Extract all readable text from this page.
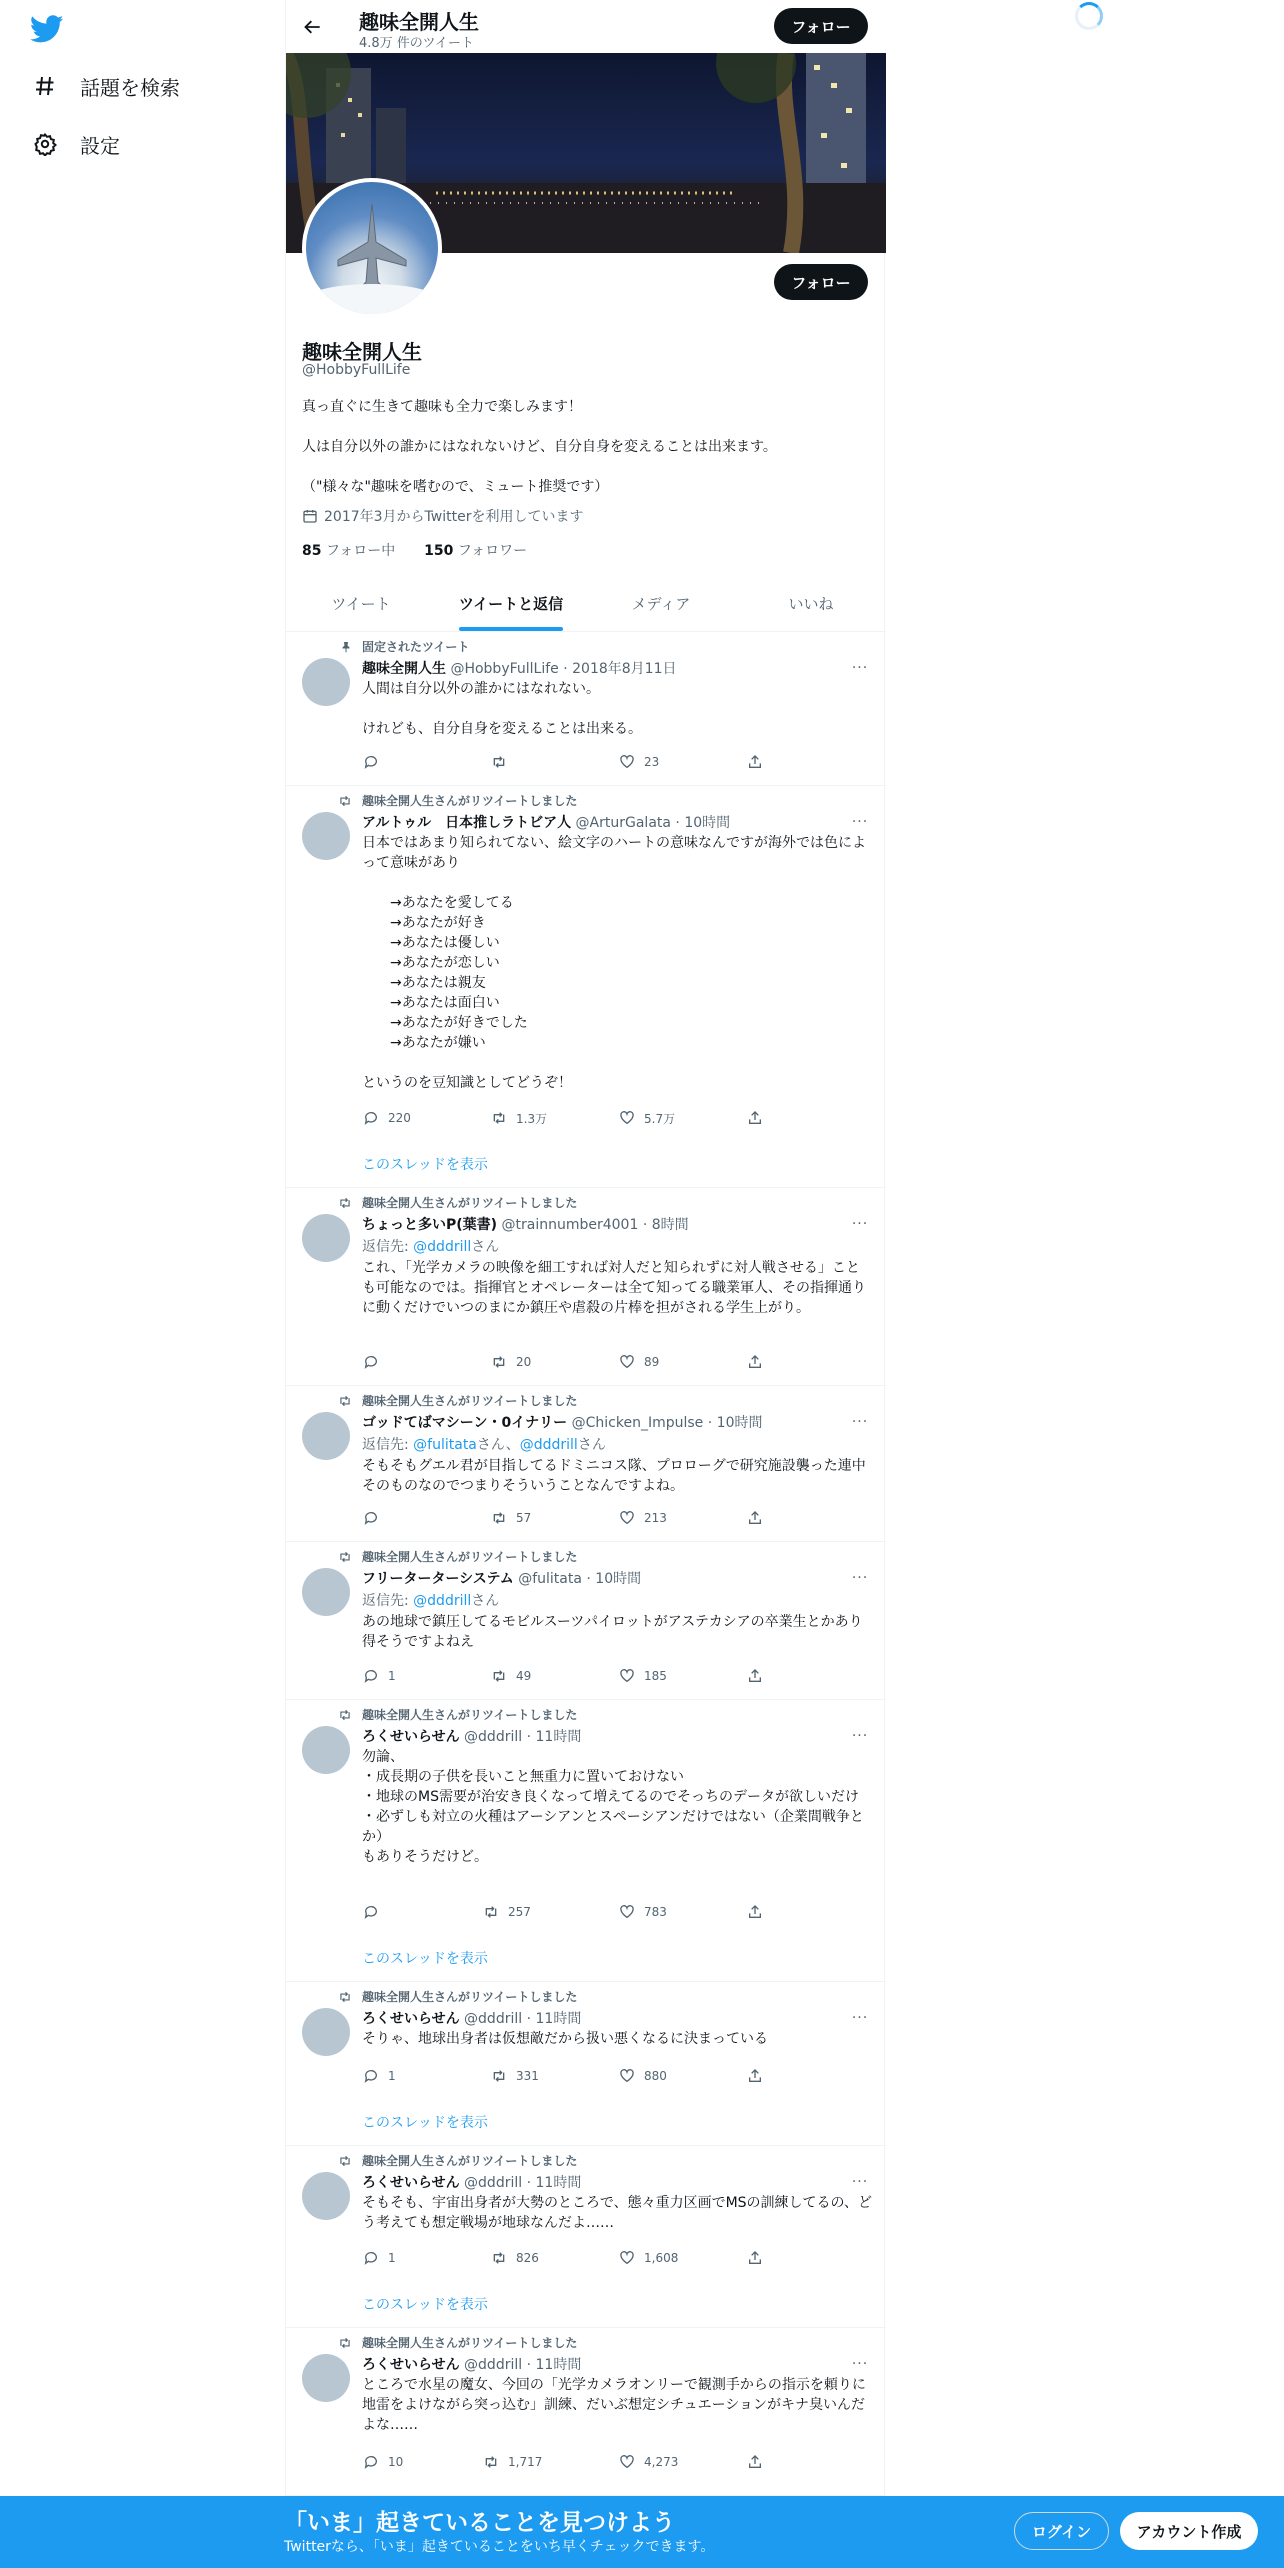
話題を検索
設定
趣味全開人生
4.8万 件のツイート
フォロー
フォロー
趣味全開人生
@HobbyFullLife
真っ直ぐに生きて趣味も全力で楽しみます！
人は自分以外の誰かにはなれないけど、自分自身を変えることは出来ます。
（"様々な"趣味を嗜むので、ミュート推奨です）
2017年3月からTwitterを利用しています
85 フォロー中 150 フォロワー
ツイート	ツイートと返信	メディア	いいね
固定されたツイート
趣味全開人生 @HobbyFullLife · 2018年8月11日	···
人間は自分以外の誰かにはなれない。

けれども、自分自身を変えることは出来る。
23
趣味全開人生さんがリツイートしました
アルトゥル　日本推しラトビア人 @ArturGalata · 10時間	···
日本ではあまり知られてない、絵文字のハートの意味なんですが海外では色によって意味があり

　　→あなたを愛してる
　　→あなたが好き
　　→あなたは優しい
　　→あなたが恋しい
　　→あなたは親友
　　→あなたは面白い
　　→あなたが好きでした
　　→あなたが嫌い

というのを豆知識としてどうぞ！
220	1.3万	5.7万
このスレッドを表示
趣味全開人生さんがリツイートしました
ちょっと多いP(葉書) @trainnumber4001 · 8時間	···
返信先: @dddrillさん
これ、「光学カメラの映像を細工すれば対人だと知られずに対人戦させる」ことも可能なのでは。指揮官とオペレーターは全て知ってる職業軍人、その指揮通りに動くだけでいつのまにか鎮圧や虐殺の片棒を担がされる学生上がり。
20	89
趣味全開人生さんがリツイートしました
ゴッドてばマシーン・0イナリー @Chicken_Impulse · 10時間	···
返信先: @fulitataさん、@dddrillさん
そもそもグエル君が目指してるドミニコス隊、プロローグで研究施設襲った連中そのものなのでつまりそういうことなんですよね。
57	213
趣味全開人生さんがリツイートしました
フリーターターシステム @fulitata · 10時間	···
返信先: @dddrillさん
あの地球で鎮圧してるモビルスーツパイロットがアステカシアの卒業生とかあり得そうですよねえ
1	49	185
趣味全開人生さんがリツイートしました
ろくせいらせん @dddrill · 11時間	···
勿論、
・成長期の子供を長いこと無重力に置いておけない
・地球のMS需要が治安き良くなって増えてるのでそっちのデータが欲しいだけ
・必ずしも対立の火種はアーシアンとスペーシアンだけではない（企業間戦争とか）
もありそうだけど。
257	783
このスレッドを表示
趣味全開人生さんがリツイートしました
ろくせいらせん @dddrill · 11時間	···
そりゃ、地球出身者は仮想敵だから扱い悪くなるに決まっている
1	331	880
このスレッドを表示
趣味全開人生さんがリツイートしました
ろくせいらせん @dddrill · 11時間	···
そもそも、宇宙出身者が大勢のところで、態々重力区画でMSの訓練してるの、どう考えても想定戦場が地球なんだよ……
1	826	1,608
このスレッドを表示
趣味全開人生さんがリツイートしました
ろくせいらせん @dddrill · 11時間	···
ところで水星の魔女、今回の「光学カメラオンリーで観測手からの指示を頼りに地雷をよけながら突っ込む」訓練、だいぶ想定シチュエーションがキナ臭いんだよな……
10	1,717	4,273
「いま」起きていることを見つけよう
Twitterなら、「いま」起きていることをいち早くチェックできます。
ログイン	アカウント作成
